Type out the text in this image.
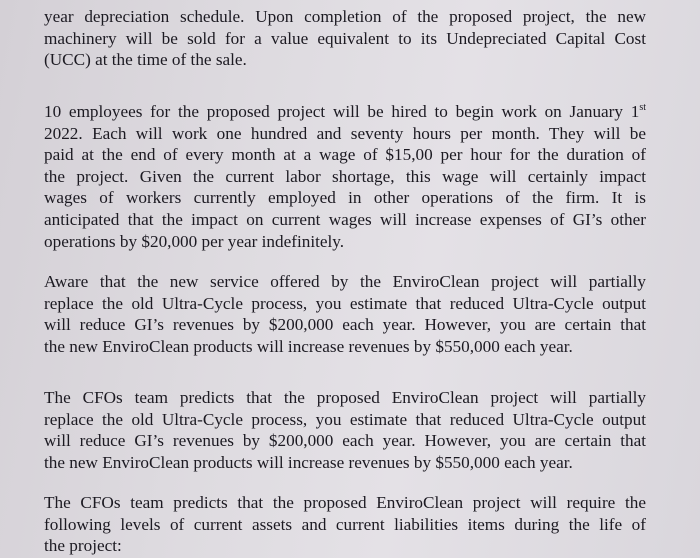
year depreciation schedule. Upon completion of the proposed project, the new
machinery will be sold for a value equivalent to its Undepreciated Capital Cost
(UCC) at the time of the sale.
10 employees for the proposed project will be hired to begin work on January 1st
2022. Each will work one hundred and seventy hours per month. They will be
paid at the end of every month at a wage of $15,00 per hour for the duration of
the project. Given the current labor shortage, this wage will certainly impact
wages of workers currently employed in other operations of the firm. It is
anticipated that the impact on current wages will increase expenses of GI’s other
operations by $20,000 per year indefinitely.
Aware that the new service offered by the EnviroClean project will partially
replace the old Ultra-Cycle process, you estimate that reduced Ultra-Cycle output
will reduce GI’s revenues by $200,000 each year. However, you are certain that
the new EnviroClean products will increase revenues by $550,000 each year.
The CFOs team predicts that the proposed EnviroClean project will partially
replace the old Ultra-Cycle process, you estimate that reduced Ultra-Cycle output
will reduce GI’s revenues by $200,000 each year. However, you are certain that
the new EnviroClean products will increase revenues by $550,000 each year.
The CFOs team predicts that the proposed EnviroClean project will require the
following levels of current assets and current liabilities items during the life of
the project:
